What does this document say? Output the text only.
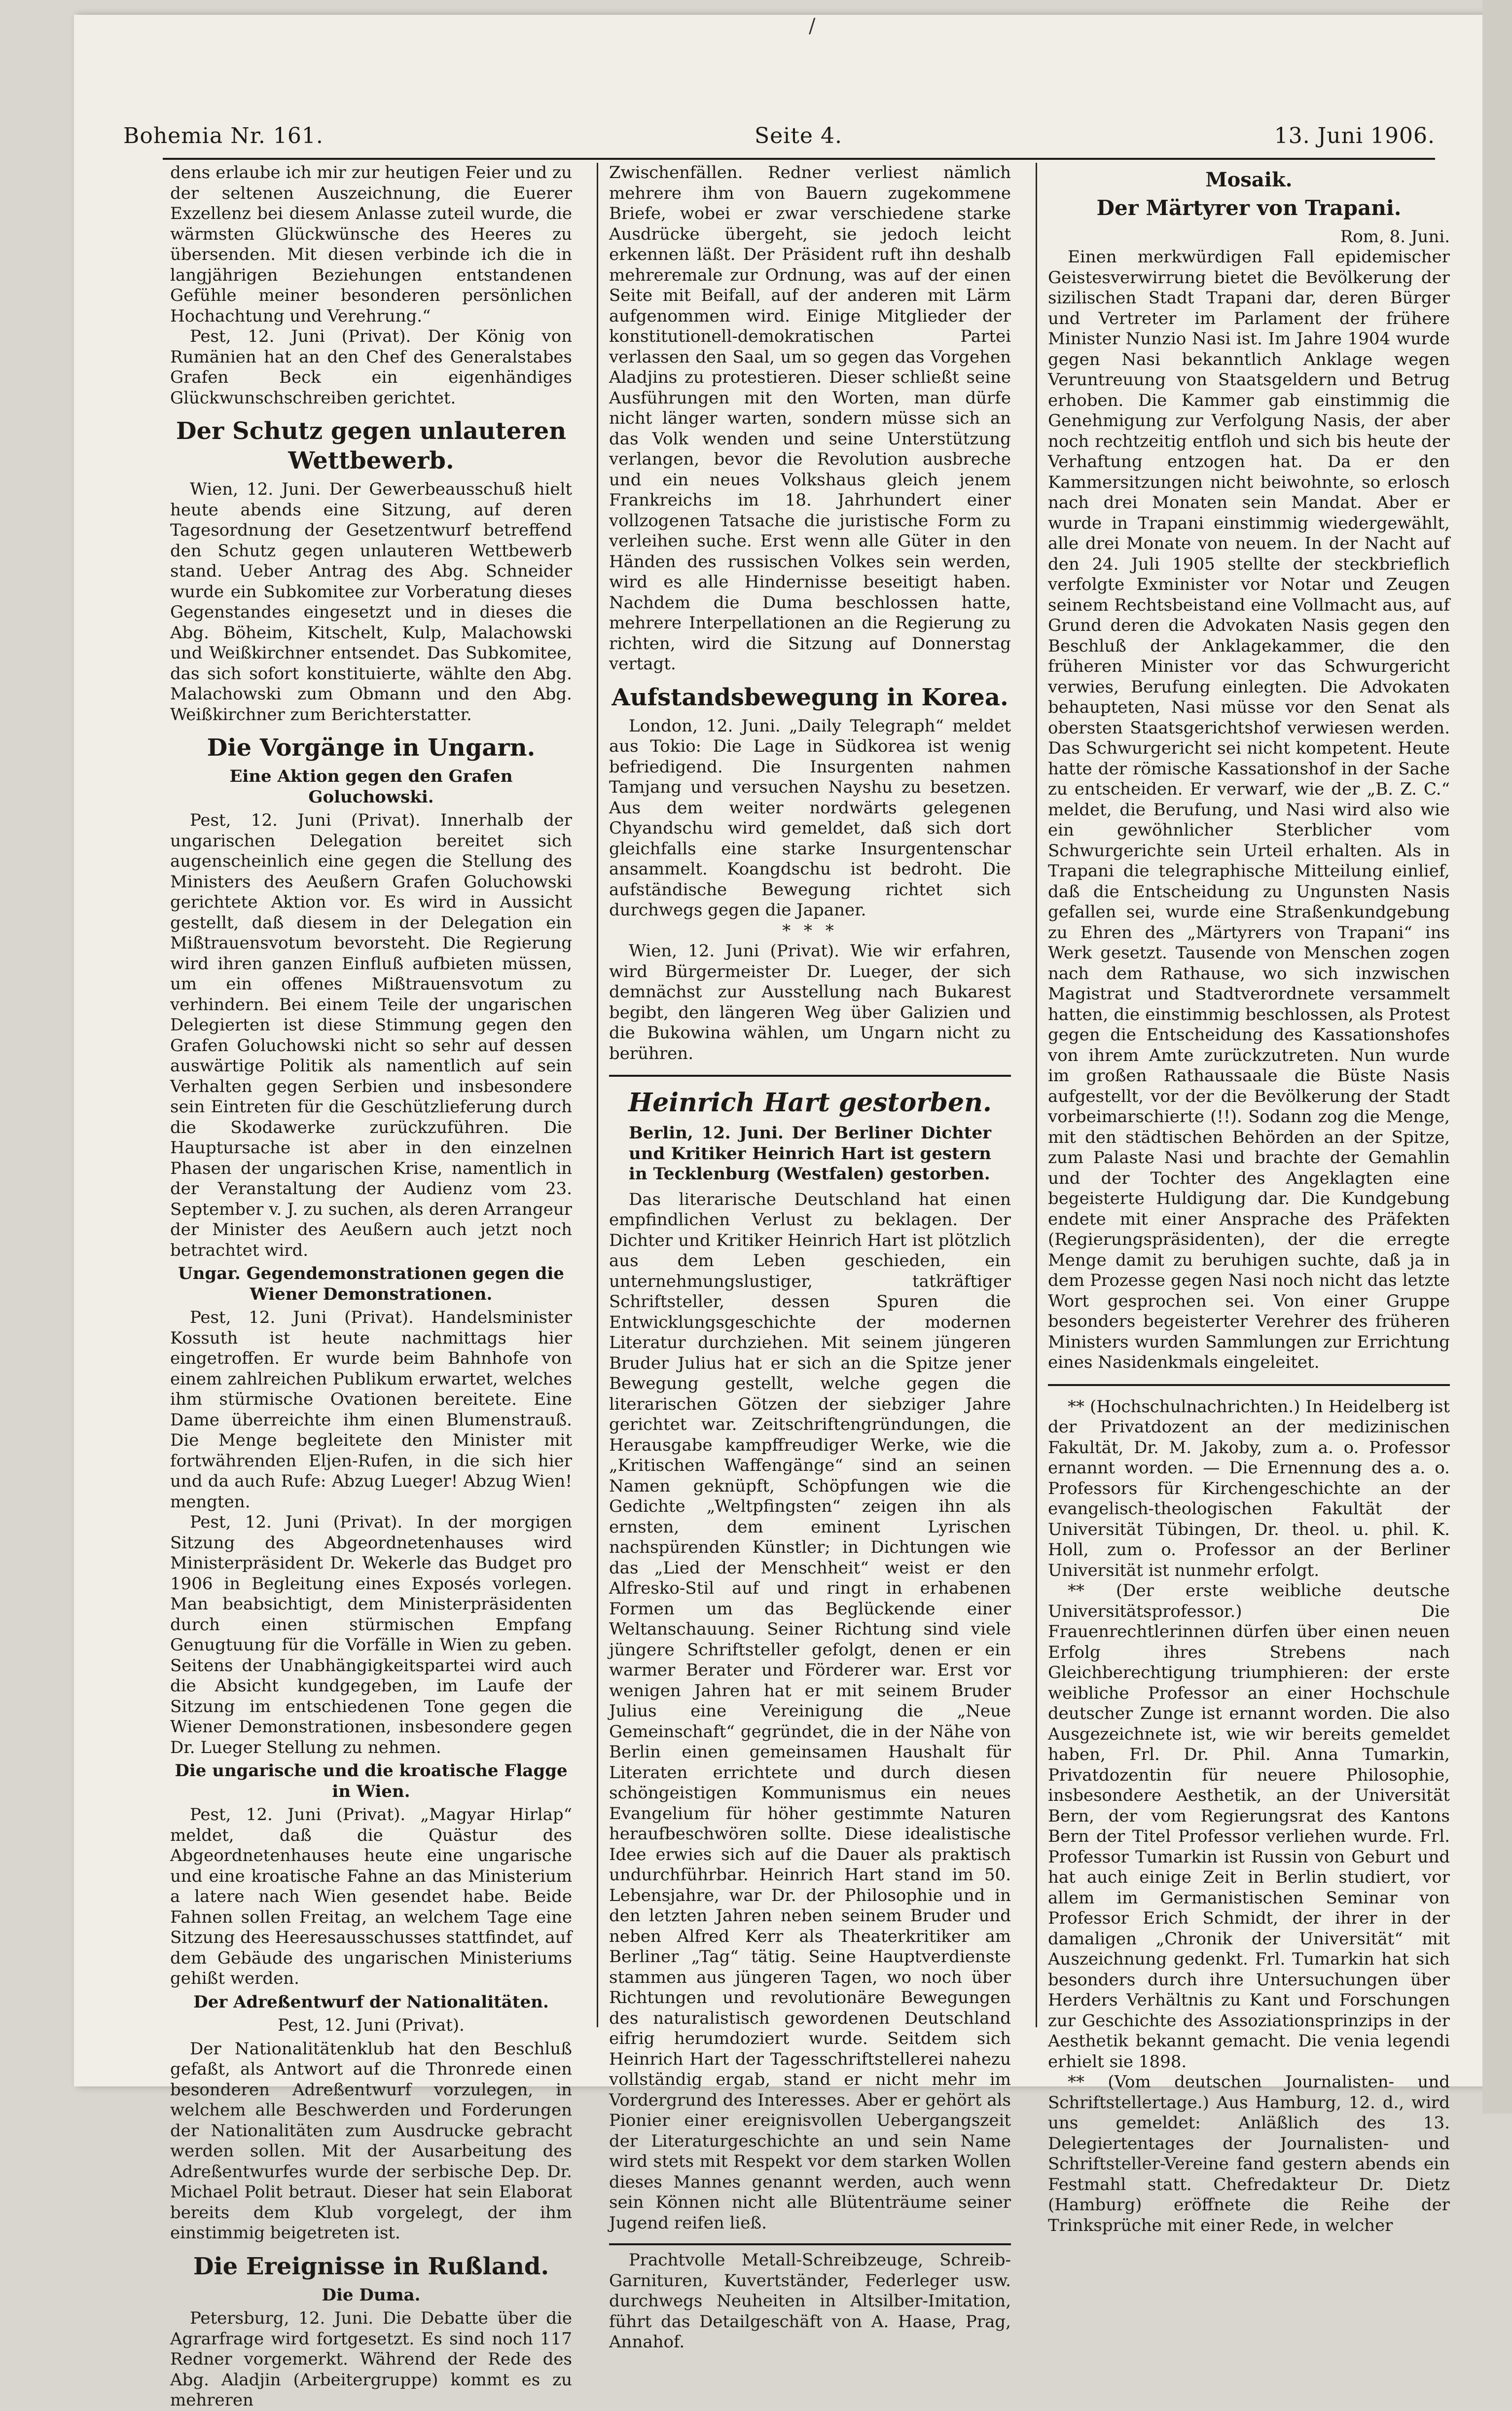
/
Bohemia Nr. 161.	Seite 4.	13. Juni 1906.

dens erlaube ich mir zur heutigen Feier und zu der seltenen Auszeichnung, die Euerer Exzellenz bei diesem Anlasse zuteil wurde, die wärmsten Glückwünsche des Heeres zu übersenden. Mit diesen verbinde ich die in langjährigen Beziehungen entstandenen Gefühle meiner besonderen persönlichen Hochachtung und Verehrung.“

Pest, 12. Juni (Privat). Der König von Rumänien hat an den Chef des Generalstabes Grafen Beck ein eigenhändiges Glückwunschschreiben gerichtet.

Der Schutz gegen unlauteren Wettbewerb.

Wien, 12. Juni. Der Gewerbeausschuß hielt heute abends eine Sitzung, auf deren Tagesordnung der Gesetzentwurf betreffend den Schutz gegen unlauteren Wettbewerb stand. Ueber Antrag des Abg. Schneider wurde ein Subkomitee zur Vorberatung dieses Gegenstandes eingesetzt und in dieses die Abg. Böheim, Kitschelt, Kulp, Malachowski und Weißkirchner entsendet. Das Subkomitee, das sich sofort konstituierte, wählte den Abg. Malachowski zum Obmann und den Abg. Weißkirchner zum Berichterstatter.

Die Vorgänge in Ungarn.
Eine Aktion gegen den Grafen Goluchowski.

Pest, 12. Juni (Privat). Innerhalb der ungarischen Delegation bereitet sich augenscheinlich eine gegen die Stellung des Ministers des Aeußern Grafen Goluchowski gerichtete Aktion vor. Es wird in Aussicht gestellt, daß diesem in der Delegation ein Mißtrauensvotum bevorsteht. Die Regierung wird ihren ganzen Einfluß aufbieten müssen, um ein offenes Mißtrauensvotum zu verhindern. Bei einem Teile der ungarischen Delegierten ist diese Stimmung gegen den Grafen Goluchowski nicht so sehr auf dessen auswärtige Politik als namentlich auf sein Verhalten gegen Serbien und insbesondere sein Eintreten für die Geschützlieferung durch die Skodawerke zurückzuführen. Die Hauptursache ist aber in den einzelnen Phasen der ungarischen Krise, namentlich in der Veranstaltung der Audienz vom 23. September v. J. zu suchen, als deren Arrangeur der Minister des Aeußern auch jetzt noch betrachtet wird.

Ungar. Gegendemonstrationen gegen die Wiener Demonstrationen.

Pest, 12. Juni (Privat). Handelsminister Kossuth ist heute nachmittags hier eingetroffen. Er wurde beim Bahnhofe von einem zahlreichen Publikum erwartet, welches ihm stürmische Ovationen bereitete. Eine Dame überreichte ihm einen Blumenstrauß. Die Menge begleitete den Minister mit fortwährenden Eljen-Rufen, in die sich hier und da auch Rufe: Abzug Lueger! Abzug Wien! mengten.

Pest, 12. Juni (Privat). In der morgigen Sitzung des Abgeordnetenhauses wird Ministerpräsident Dr. Wekerle das Budget pro 1906 in Begleitung eines Exposés vorlegen. Man beabsichtigt, dem Ministerpräsidenten durch einen stürmischen Empfang Genugtuung für die Vorfälle in Wien zu geben. Seitens der Unabhängigkeitspartei wird auch die Absicht kundgegeben, im Laufe der Sitzung im entschiedenen Tone gegen die Wiener Demonstrationen, insbesondere gegen Dr. Lueger Stellung zu nehmen.

Die ungarische und die kroatische Flagge in Wien.

Pest, 12. Juni (Privat). „Magyar Hirlap“ meldet, daß die Quästur des Abgeordnetenhauses heute eine ungarische und eine kroatische Fahne an das Ministerium a latere nach Wien gesendet habe. Beide Fahnen sollen Freitag, an welchem Tage eine Sitzung des Heeresausschusses stattfindet, auf dem Gebäude des ungarischen Ministeriums gehißt werden.

Der Adreßentwurf der Nationalitäten.

Pest, 12. Juni (Privat).

Der Nationalitätenklub hat den Beschluß gefaßt, als Antwort auf die Thronrede einen besonderen Adreßentwurf vorzulegen, in welchem alle Beschwerden und Forderungen der Nationalitäten zum Ausdrucke gebracht werden sollen. Mit der Ausarbeitung des Adreßentwurfes wurde der serbische Dep. Dr. Michael Polit betraut. Dieser hat sein Elaborat bereits dem Klub vorgelegt, der ihm einstimmig beigetreten ist.

Die Ereignisse in Rußland.
Die Duma.

Petersburg, 12. Juni. Die Debatte über die Agrarfrage wird fortgesetzt. Es sind noch 117 Redner vorgemerkt. Während der Rede des Abg. Aladjin (Arbeitergruppe) kommt es zu mehreren

Zwischenfällen. Redner verliest nämlich mehrere ihm von Bauern zugekommene Briefe, wobei er zwar verschiedene starke Ausdrücke übergeht, sie jedoch leicht erkennen läßt. Der Präsident ruft ihn deshalb mehreremale zur Ordnung, was auf der einen Seite mit Beifall, auf der anderen mit Lärm aufgenommen wird. Einige Mitglieder der konstitutionell-demokratischen Partei verlassen den Saal, um so gegen das Vorgehen Aladjins zu protestieren. Dieser schließt seine Ausführungen mit den Worten, man dürfe nicht länger warten, sondern müsse sich an das Volk wenden und seine Unterstützung verlangen, bevor die Revolution ausbreche und ein neues Volkshaus gleich jenem Frankreichs im 18. Jahrhundert einer vollzogenen Tatsache die juristische Form zu verleihen suche. Erst wenn alle Güter in den Händen des russischen Volkes sein werden, wird es alle Hindernisse beseitigt haben. Nachdem die Duma beschlossen hatte, mehrere Interpellationen an die Regierung zu richten, wird die Sitzung auf Donnerstag vertagt.

Aufstandsbewegung in Korea.

London, 12. Juni. „Daily Telegraph“ meldet aus Tokio: Die Lage in Südkorea ist wenig befriedigend. Die Insurgenten nahmen Tamjang und versuchen Nayshu zu besetzen. Aus dem weiter nordwärts gelegenen Chyandschu wird gemeldet, daß sich dort gleichfalls eine starke Insurgentenschar ansammelt. Koangdschu ist bedroht. Die aufständische Bewegung richtet sich durchwegs gegen die Japaner.

* * *

Wien, 12. Juni (Privat). Wie wir erfahren, wird Bürgermeister Dr. Lueger, der sich demnächst zur Ausstellung nach Bukarest begibt, den längeren Weg über Galizien und die Bukowina wählen, um Ungarn nicht zu berühren.

Heinrich Hart gestorben.

Berlin, 12. Juni. Der Berliner Dichter und Kritiker Heinrich Hart ist gestern in Tecklenburg (Westfalen) gestorben.

Das literarische Deutschland hat einen empfindlichen Verlust zu beklagen. Der Dichter und Kritiker Heinrich Hart ist plötzlich aus dem Leben geschieden, ein unternehmungslustiger, tatkräftiger Schriftsteller, dessen Spuren die Entwicklungsgeschichte der modernen Literatur durchziehen. Mit seinem jüngeren Bruder Julius hat er sich an die Spitze jener Bewegung gestellt, welche gegen die literarischen Götzen der siebziger Jahre gerichtet war. Zeitschriftengründungen, die Herausgabe kampffreudiger Werke, wie die „Kritischen Waffengänge“ sind an seinen Namen geknüpft, Schöpfungen wie die Gedichte „Weltpfingsten“ zeigen ihn als ernsten, dem eminent Lyrischen nachspürenden Künstler; in Dichtungen wie das „Lied der Menschheit“ weist er den Alfresko-Stil auf und ringt in erhabenen Formen um das Beglückende einer Weltanschauung. Seiner Richtung sind viele jüngere Schriftsteller gefolgt, denen er ein warmer Berater und Förderer war. Erst vor wenigen Jahren hat er mit seinem Bruder Julius eine Vereinigung die „Neue Gemeinschaft“ gegründet, die in der Nähe von Berlin einen gemeinsamen Haushalt für Literaten errichtete und durch diesen schöngeistigen Kommunismus ein neues Evangelium für höher gestimmte Naturen heraufbeschwören sollte. Diese idealistische Idee erwies sich auf die Dauer als praktisch undurchführbar. Heinrich Hart stand im 50. Lebensjahre, war Dr. der Philosophie und in den letzten Jahren neben seinem Bruder und neben Alfred Kerr als Theaterkritiker am Berliner „Tag“ tätig. Seine Hauptverdienste stammen aus jüngeren Tagen, wo noch über Richtungen und revolutionäre Bewegungen des naturalistisch gewordenen Deutschland eifrig herumdoziert wurde. Seitdem sich Heinrich Hart der Tagesschriftstellerei nahezu vollständig ergab, stand er nicht mehr im Vordergrund des Interesses. Aber er gehört als Pionier einer ereignisvollen Uebergangszeit der Literaturgeschichte an und sein Name wird stets mit Respekt vor dem starken Wollen dieses Mannes genannt werden, auch wenn sein Können nicht alle Blütenträume seiner Jugend reifen ließ.

Prachtvolle Metall-Schreibzeuge, Schreib-Garnituren, Kuvertständer, Federleger usw. durchwegs Neuheiten in Altsilber-Imitation, führt das Detailgeschäft von A. Haase, Prag, Annahof.

Mosaik.
Der Märtyrer von Trapani.

Rom, 8. Juni.

Einen merkwürdigen Fall epidemischer Geistesverwirrung bietet die Bevölkerung der sizilischen Stadt Trapani dar, deren Bürger und Vertreter im Parlament der frühere Minister Nunzio Nasi ist. Im Jahre 1904 wurde gegen Nasi bekanntlich Anklage wegen Veruntreuung von Staatsgeldern und Betrug erhoben. Die Kammer gab einstimmig die Genehmigung zur Verfolgung Nasis, der aber noch rechtzeitig entfloh und sich bis heute der Verhaftung entzogen hat. Da er den Kammersitzungen nicht beiwohnte, so erlosch nach drei Monaten sein Mandat. Aber er wurde in Trapani einstimmig wiedergewählt, alle drei Monate von neuem. In der Nacht auf den 24. Juli 1905 stellte der steckbrieflich verfolgte Exminister vor Notar und Zeugen seinem Rechtsbeistand eine Vollmacht aus, auf Grund deren die Advokaten Nasis gegen den Beschluß der Anklagekammer, die den früheren Minister vor das Schwurgericht verwies, Berufung einlegten. Die Advokaten behaupteten, Nasi müsse vor den Senat als obersten Staatsgerichtshof verwiesen werden. Das Schwurgericht sei nicht kompetent. Heute hatte der römische Kassationshof in der Sache zu entscheiden. Er verwarf, wie der „B. Z. C.“ meldet, die Berufung, und Nasi wird also wie ein gewöhnlicher Sterblicher vom Schwurgerichte sein Urteil erhalten. Als in Trapani die telegraphische Mitteilung einlief, daß die Entscheidung zu Ungunsten Nasis gefallen sei, wurde eine Straßenkundgebung zu Ehren des „Märtyrers von Trapani“ ins Werk gesetzt. Tausende von Menschen zogen nach dem Rathause, wo sich inzwischen Magistrat und Stadtverordnete versammelt hatten, die einstimmig beschlossen, als Protest gegen die Entscheidung des Kassationshofes von ihrem Amte zurückzutreten. Nun wurde im großen Rathaussaale die Büste Nasis aufgestellt, vor der die Bevölkerung der Stadt vorbeimarschierte (!!). Sodann zog die Menge, mit den städtischen Behörden an der Spitze, zum Palaste Nasi und brachte der Gemahlin und der Tochter des Angeklagten eine begeisterte Huldigung dar. Die Kundgebung endete mit einer Ansprache des Präfekten (Regierungspräsidenten), der die erregte Menge damit zu beruhigen suchte, daß ja in dem Prozesse gegen Nasi noch nicht das letzte Wort gesprochen sei. Von einer Gruppe besonders begeisterter Verehrer des früheren Ministers wurden Sammlungen zur Errichtung eines Nasidenkmals eingeleitet.

** (Hochschulnachrichten.) In Heidelberg ist der Privatdozent an der medizinischen Fakultät, Dr. M. Jakoby, zum a. o. Professor ernannt worden. — Die Ernennung des a. o. Professors für Kirchengeschichte an der evangelisch-theologischen Fakultät der Universität Tübingen, Dr. theol. u. phil. K. Holl, zum o. Professor an der Berliner Universität ist nunmehr erfolgt.

** (Der erste weibliche deutsche Universitätsprofessor.) Die Frauenrechtlerinnen dürfen über einen neuen Erfolg ihres Strebens nach Gleichberechtigung triumphieren: der erste weibliche Professor an einer Hochschule deutscher Zunge ist ernannt worden. Die also Ausgezeichnete ist, wie wir bereits gemeldet haben, Frl. Dr. Phil. Anna Tumarkin, Privatdozentin für neuere Philosophie, insbesondere Aesthetik, an der Universität Bern, der vom Regierungsrat des Kantons Bern der Titel Professor verliehen wurde. Frl. Professor Tumarkin ist Russin von Geburt und hat auch einige Zeit in Berlin studiert, vor allem im Germanistischen Seminar von Professor Erich Schmidt, der ihrer in der damaligen „Chronik der Universität“ mit Auszeichnung gedenkt. Frl. Tumarkin hat sich besonders durch ihre Untersuchungen über Herders Verhältnis zu Kant und Forschungen zur Geschichte des Assoziationsprinzips in der Aesthetik bekannt gemacht. Die venia legendi erhielt sie 1898.

** (Vom deutschen Journalisten- und Schriftstellertage.) Aus Hamburg, 12. d., wird uns gemeldet: Anläßlich des 13. Delegiertentages der Journalisten- und Schriftsteller-Vereine fand gestern abends ein Festmahl statt. Chefredakteur Dr. Dietz (Hamburg) eröffnete die Reihe der Trinksprüche mit einer Rede, in welcher
